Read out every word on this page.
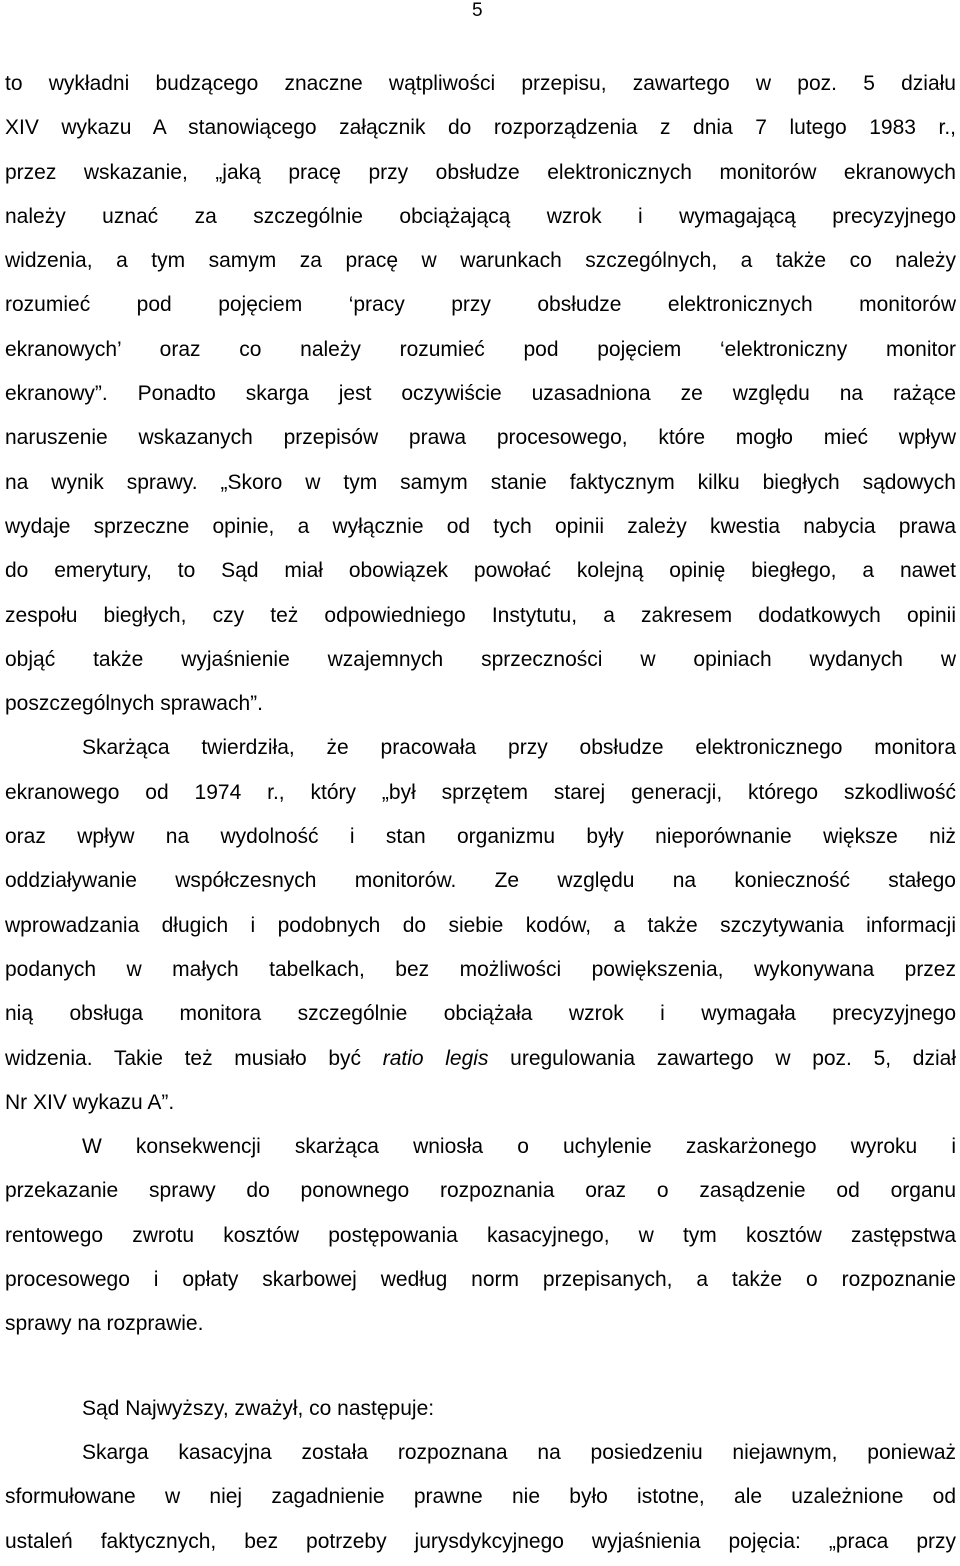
5

to wykładni budzącego znaczne wątpliwości przepisu, zawartego w poz. 5 działu
XIV wykazu A stanowiącego załącznik do rozporządzenia z dnia 7 lutego 1983 r.,
przez wskazanie, „jaką pracę przy obsłudze elektronicznych monitorów ekranowych
należy uznać za szczególnie obciążającą wzrok i wymagającą precyzyjnego
widzenia, a tym samym za pracę w warunkach szczególnych, a także co należy
rozumieć pod pojęciem ‘pracy przy obsłudze elektronicznych monitorów
ekranowych’ oraz co należy rozumieć pod pojęciem ‘elektroniczny monitor
ekranowy”. Ponadto skarga jest oczywiście uzasadniona ze względu na rażące
naruszenie wskazanych przepisów prawa procesowego, które mogło mieć wpływ
na wynik sprawy. „Skoro w tym samym stanie faktycznym kilku biegłych sądowych
wydaje sprzeczne opinie, a wyłącznie od tych opinii zależy kwestia nabycia prawa
do emerytury, to Sąd miał obowiązek powołać kolejną opinię biegłego, a nawet
zespołu biegłych, czy też odpowiedniego Instytutu, a zakresem dodatkowych opinii
objąć także wyjaśnienie wzajemnych sprzeczności w opiniach wydanych w
poszczególnych sprawach”.

Skarżąca twierdziła, że pracowała przy obsłudze elektronicznego monitora
ekranowego od 1974 r., który „był sprzętem starej generacji, którego szkodliwość
oraz wpływ na wydolność i stan organizmu były nieporównanie większe niż
oddziaływanie współczesnych monitorów. Ze względu na konieczność stałego
wprowadzania długich i podobnych do siebie kodów, a także szczytywania informacji
podanych w małych tabelkach, bez możliwości powiększenia, wykonywana przez
nią obsługa monitora szczególnie obciążała wzrok i wymagała precyzyjnego
widzenia. Takie też musiało być ratio legis uregulowania zawartego w poz. 5, dział
Nr XIV wykazu A”.

W konsekwencji skarżąca wniosła o uchylenie zaskarżonego wyroku i
przekazanie sprawy do ponownego rozpoznania oraz o zasądzenie od organu
rentowego zwrotu kosztów postępowania kasacyjnego, w tym kosztów zastępstwa
procesowego i opłaty skarbowej według norm przepisanych, a także o rozpoznanie
sprawy na rozprawie.

Sąd Najwyższy, zważył, co następuje:

Skarga kasacyjna została rozpoznana na posiedzeniu niejawnym, ponieważ
sformułowane w niej zagadnienie prawne nie było istotne, ale uzależnione od
ustaleń faktycznych, bez potrzeby jurysdykcyjnego wyjaśnienia pojęcia: „praca przy
